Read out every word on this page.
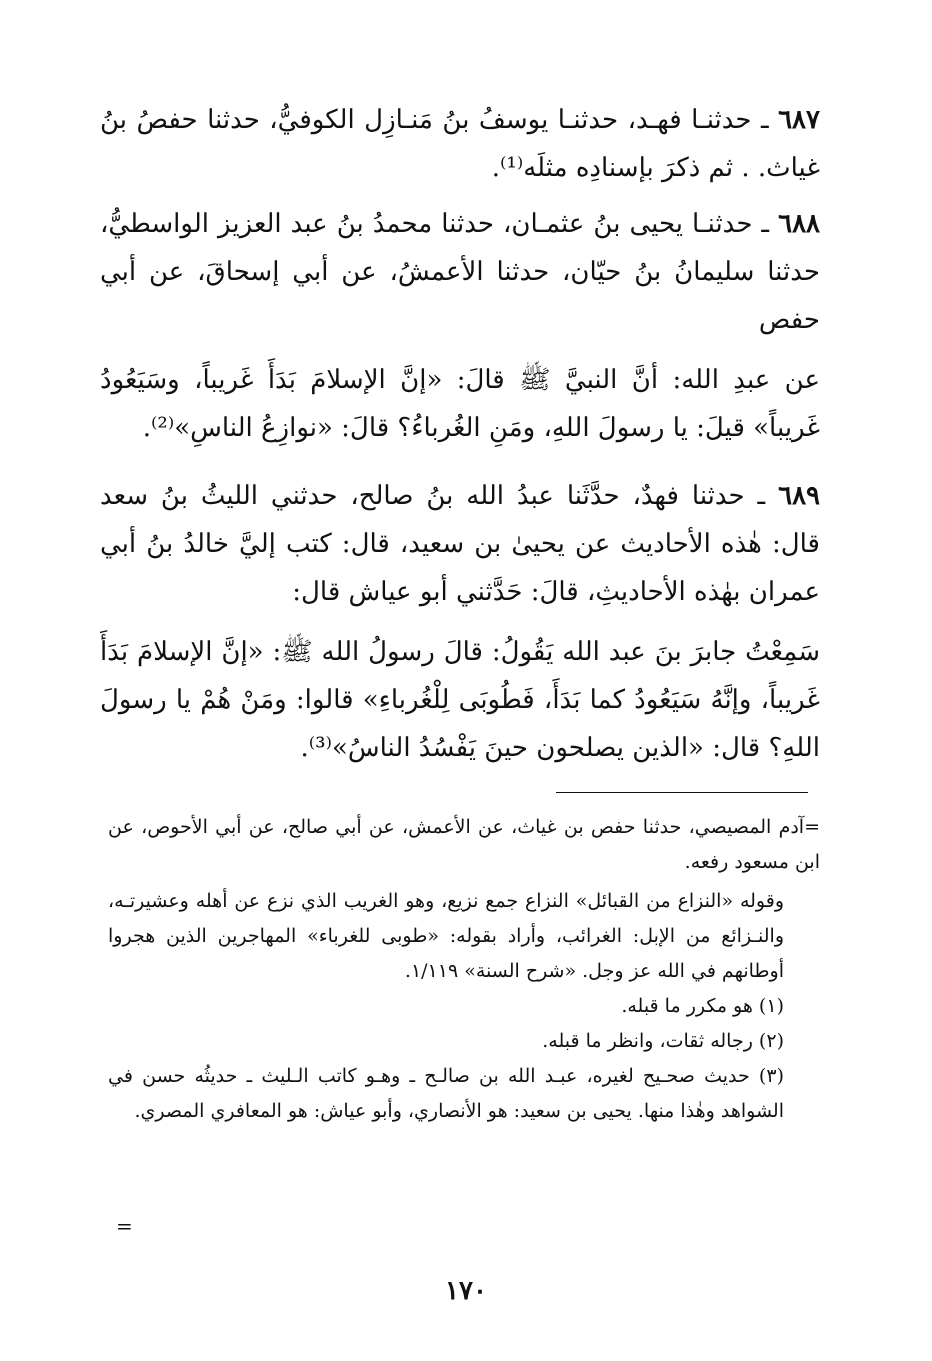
٦٨٧ ـ حدثنـا فهـد، حدثنـا يوسفُ بنُ مَنـازِل الكوفيُّ، حدثنا حفصُ بنُ غياث. . ثم ذكرَ بإسنادِه مثلَه⁽¹⁾.

٦٨٨ ـ حدثنـا يحيى بنُ عثمـان، حدثنا محمدُ بنُ عبد العزيز الواسطيُّ، حدثنا سليمانُ بنُ حيّان، حدثنا الأعمشُ، عن أبي إسحاقَ، عن أبي حفص

عن عبدِ الله: أنَّ النبيَّ ﷺ قالَ: «إنَّ الإسلامَ بَدَأَ غَريباً، وسَيَعُودُ غَريباً» قيلَ: يا رسولَ اللهِ، ومَنِ الغُرباءُ؟ قالَ: «نوازِعُ الناسِ»⁽²⁾.

٦٨٩ ـ حدثنا فهدٌ، حدَّثَنا عبدُ الله بنُ صالح، حدثني الليثُ بنُ سعد قال: هٰذه الأحاديث عن يحيىٰ بن سعيد، قال: كتب إليَّ خالدُ بنُ أبي عمران بهٰذه الأحاديثِ، قالَ: حَدَّثني أبو عياش قال:

سَمِعْتُ جابرَ بنَ عبد الله يَقُولُ: قالَ رسولُ الله ﷺ: «إنَّ الإسلامَ بَدَأَ غَريباً، وإنَّهُ سَيَعُودُ كما بَدَأَ، فَطُوبَى لِلْغُرباءِ» قالوا: ومَنْ هُمْ يا رسولَ اللهِ؟ قال: «الذين يصلحون حينَ يَفْسُدُ الناسُ»⁽³⁾.

=آدم المصيصي، حدثنا حفص بن غياث، عن الأعمش، عن أبي صالح، عن أبي الأحوص، عن ابن مسعود رفعه.

وقوله «النزاع من القبائل» النزاع جمع نزيع، وهو الغريب الذي نزع عن أهله وعشيرتـه، والنـزائع من الإبل: الغرائب، وأراد بقوله: «طوبى للغرباء» المهاجرين الذين هجروا أوطانهم في الله عز وجل. «شرح السنة» ١/١١٩.

(١) هو مكرر ما قبله.

(٢) رجاله ثقات، وانظر ما قبله.

(٣) حديث صحـيح لغيره، عبـد الله بن صالـح ـ وهـو كاتب الـليث ـ حديثُه حسن في الشواهد وهٰذا منها. يحيى بن سعيد: هو الأنصاري، وأبو عياش: هو المعافري المصري.

=
١٧٠
